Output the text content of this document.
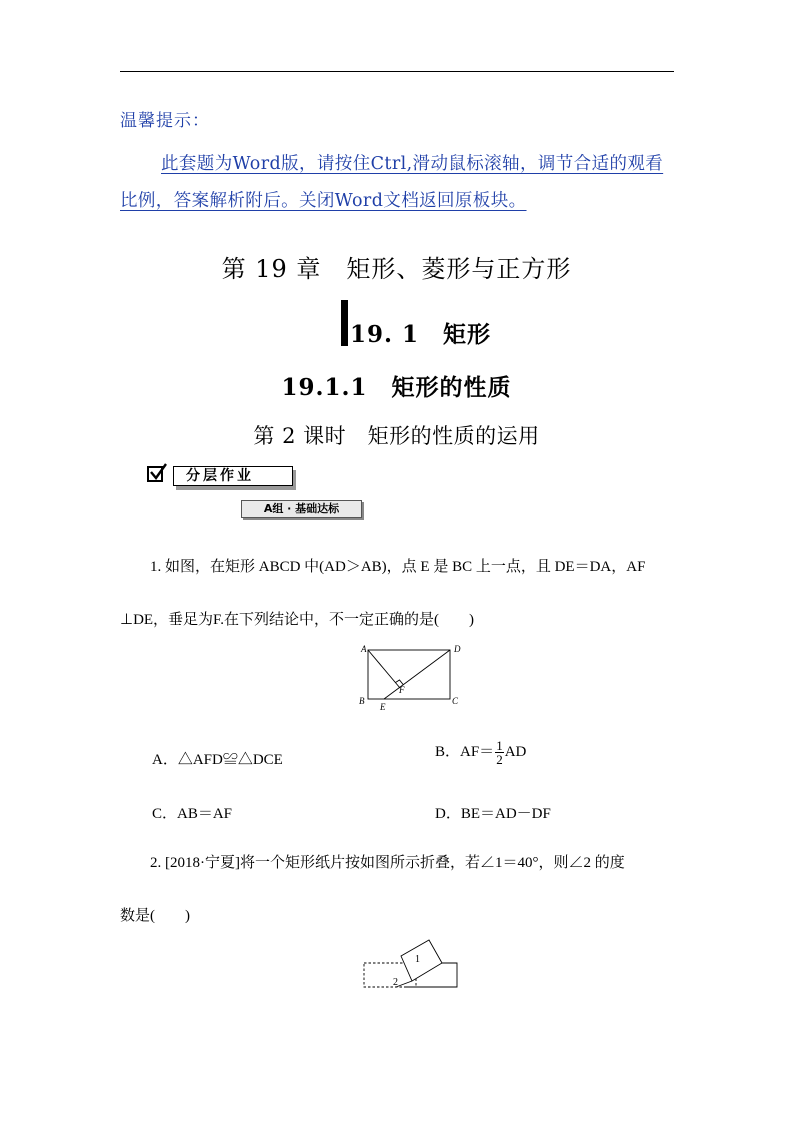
温馨提示：
此套题为Word版，请按住Ctrl,滑动鼠标滚轴，调节合适的观看比例，答案解析附后。关闭Word文档返回原板块。
第 19 章　矩形、菱形与正方形
19. 1　矩形
19.1.1　矩形的性质
第 2 课时　矩形的性质的运用
分层作业
A组 · 基础达标
1. 如图，在矩形 ABCD 中(AD＞AB)，点 E 是 BC 上一点，且 DE＝DA，AF
⊥DE，垂足为F.在下列结论中，不一定正确的是(　　)
A	D
B	C
E
F
A．△AFD≌△DCE
B．$AF= \frac{1}{2}$ AD
C．AB＝AF	D．BE＝AD－DF
2. [2018·宁夏]将一个矩形纸片按如图所示折叠，若∠1＝40°，则∠2 的度
数是(　　)
1
2
